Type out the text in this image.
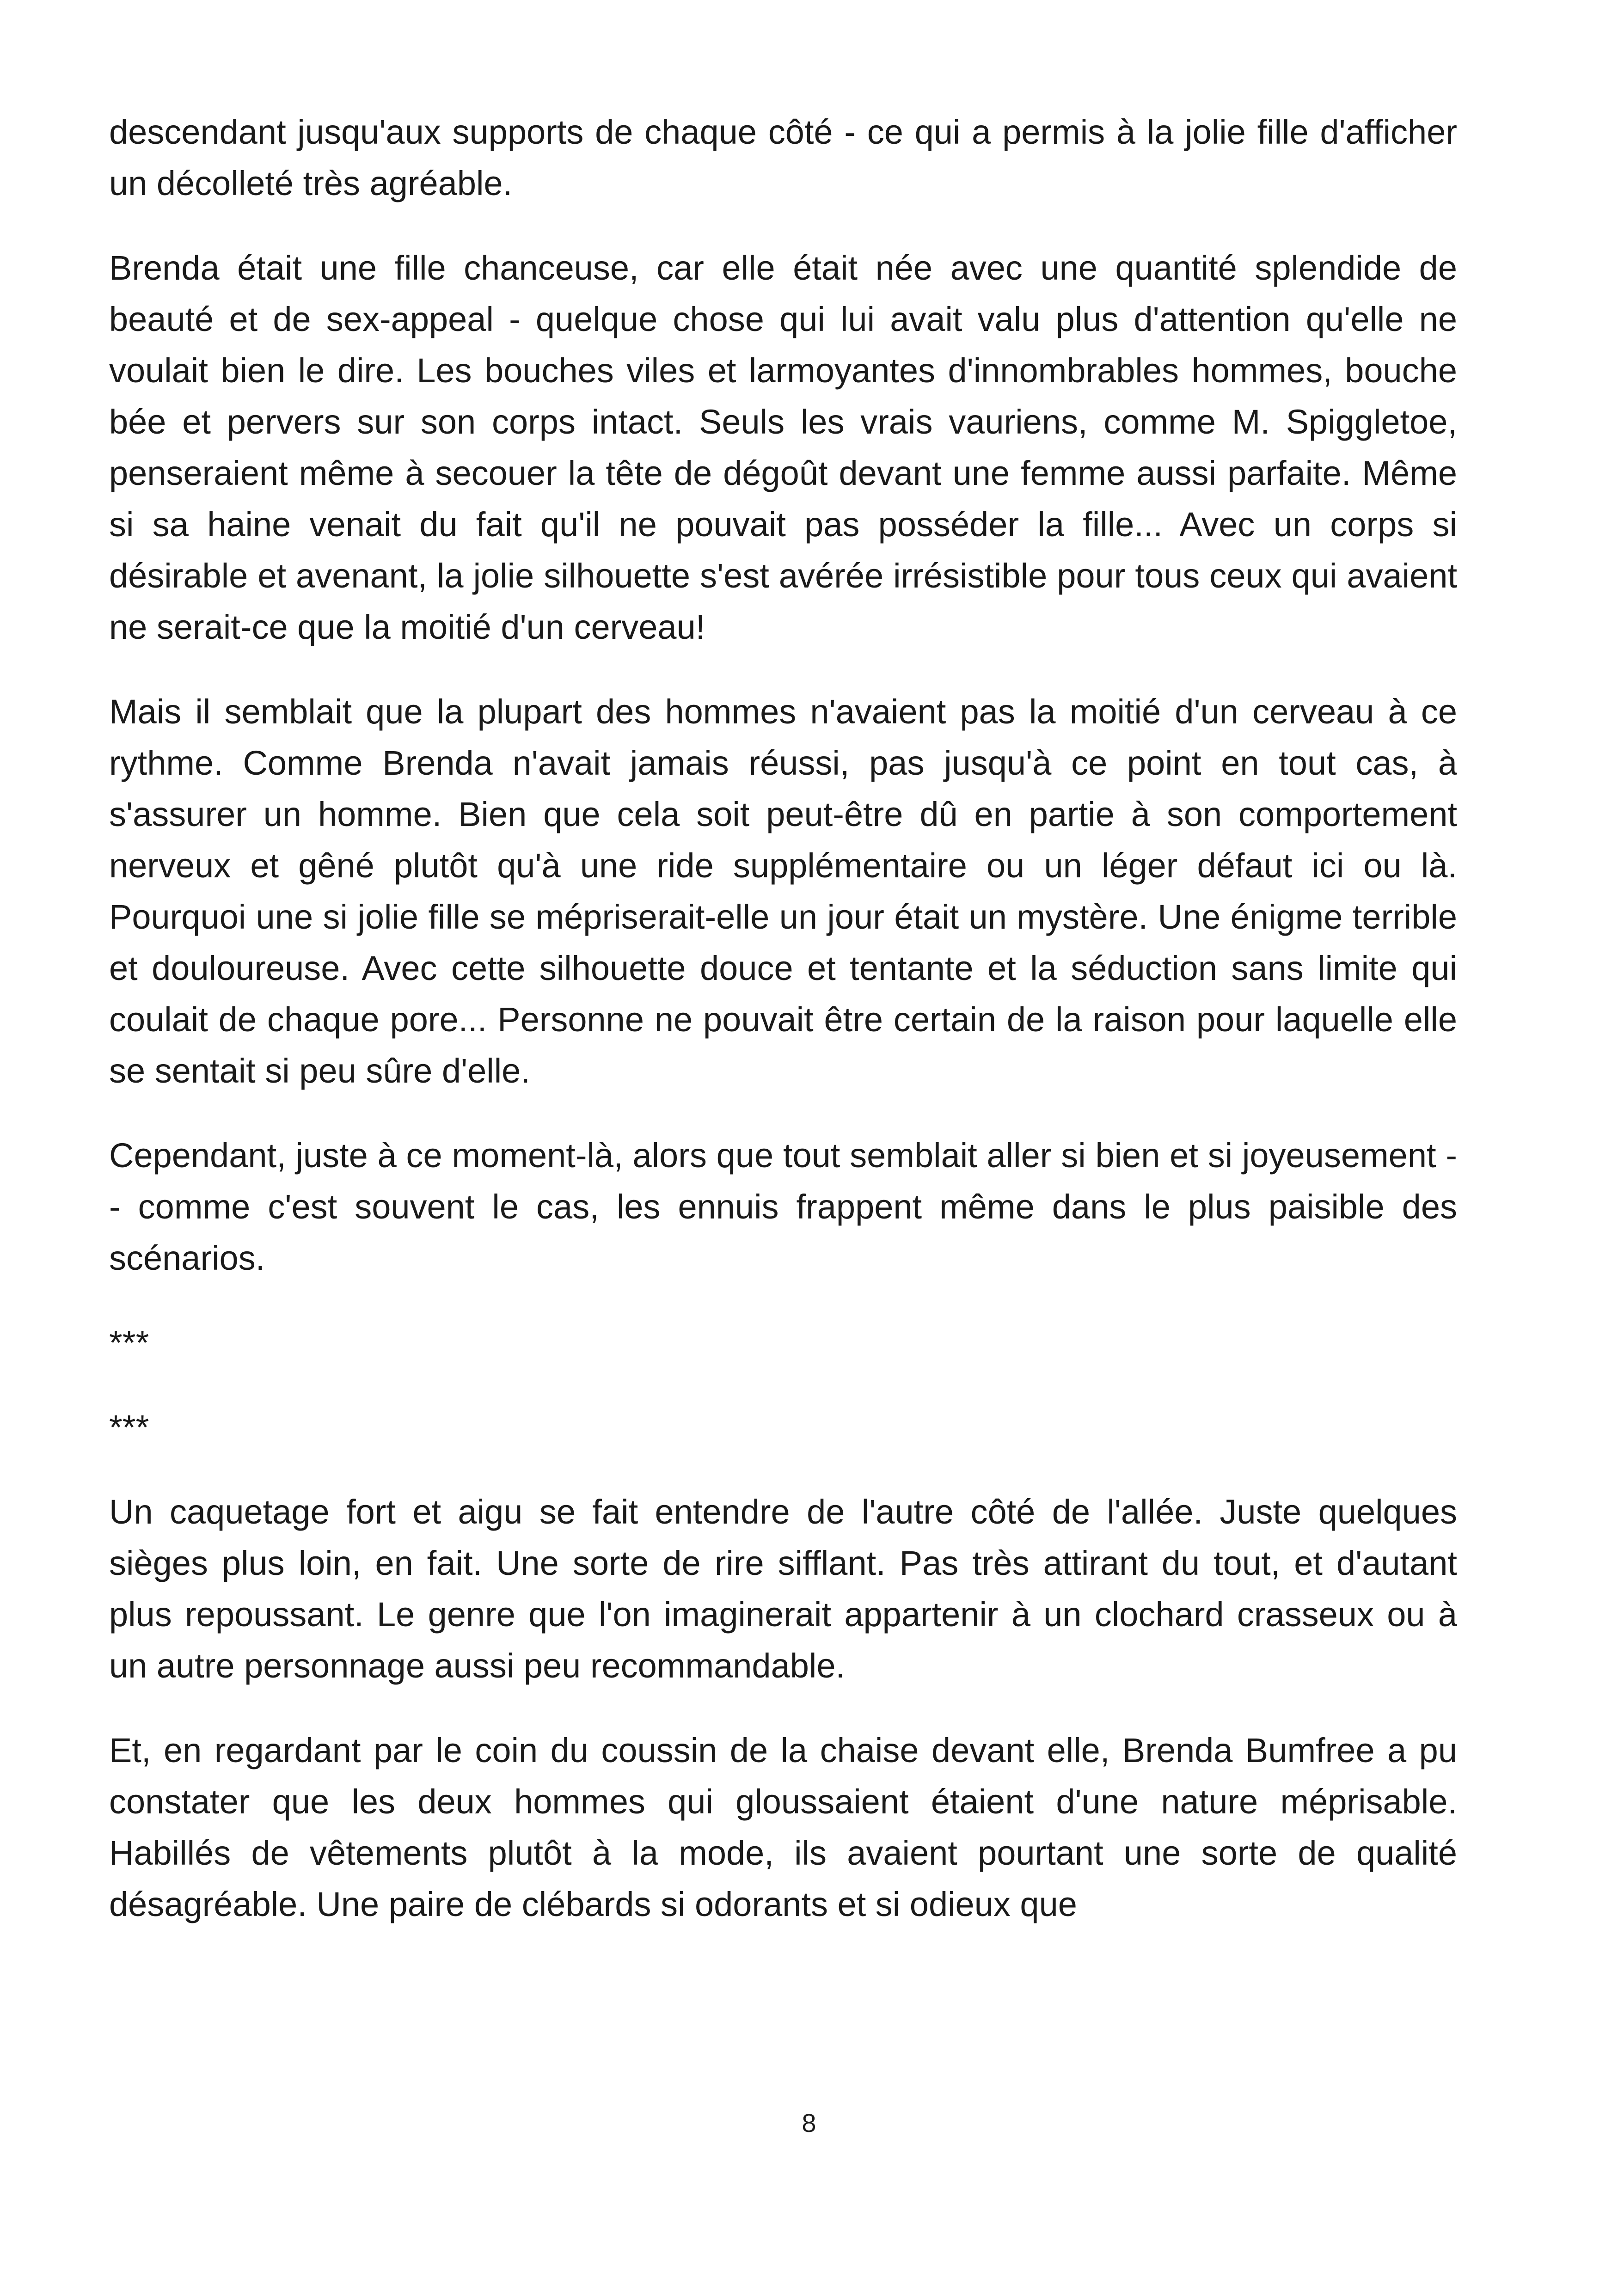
descendant jusqu'aux supports de chaque côté - ce qui a permis à la jolie fille d'afficher un décolleté très agréable.

Brenda était une fille chanceuse, car elle était née avec une quantité splendide de beauté et de sex-appeal - quelque chose qui lui avait valu plus d'attention qu'elle ne voulait bien le dire. Les bouches viles et larmoyantes d'innombrables hommes, bouche bée et pervers sur son corps intact. Seuls les vrais vauriens, comme M. Spiggletoe, penseraient même à secouer la tête de dégoût devant une femme aussi parfaite. Même si sa haine venait du fait qu'il ne pouvait pas posséder la fille... Avec un corps si désirable et avenant, la jolie silhouette s'est avérée irrésistible pour tous ceux qui avaient ne serait-ce que la moitié d'un cerveau!

Mais il semblait que la plupart des hommes n'avaient pas la moitié d'un cerveau à ce rythme. Comme Brenda n'avait jamais réussi, pas jusqu'à ce point en tout cas, à s'assurer un homme. Bien que cela soit peut-être dû en partie à son comportement nerveux et gêné plutôt qu'à une ride supplémentaire ou un léger défaut ici ou là. Pourquoi une si jolie fille se mépriserait-elle un jour était un mystère. Une énigme terrible et douloureuse. Avec cette silhouette douce et tentante et la séduction sans limite qui coulait de chaque pore... Personne ne pouvait être certain de la raison pour laquelle elle se sentait si peu sûre d'elle.

Cependant, juste à ce moment-là, alors que tout semblait aller si bien et si joyeusement -- comme c'est souvent le cas, les ennuis frappent même dans le plus paisible des scénarios.

***

***

Un caquetage fort et aigu se fait entendre de l'autre côté de l'allée. Juste quelques sièges plus loin, en fait. Une sorte de rire sifflant. Pas très attirant du tout, et d'autant plus repoussant. Le genre que l'on imaginerait appartenir à un clochard crasseux ou à un autre personnage aussi peu recommandable.

Et, en regardant par le coin du coussin de la chaise devant elle, Brenda Bumfree a pu constater que les deux hommes qui gloussaient étaient d'une nature méprisable. Habillés de vêtements plutôt à la mode, ils avaient pourtant une sorte de qualité désagréable. Une paire de clébards si odorants et si odieux que

8
